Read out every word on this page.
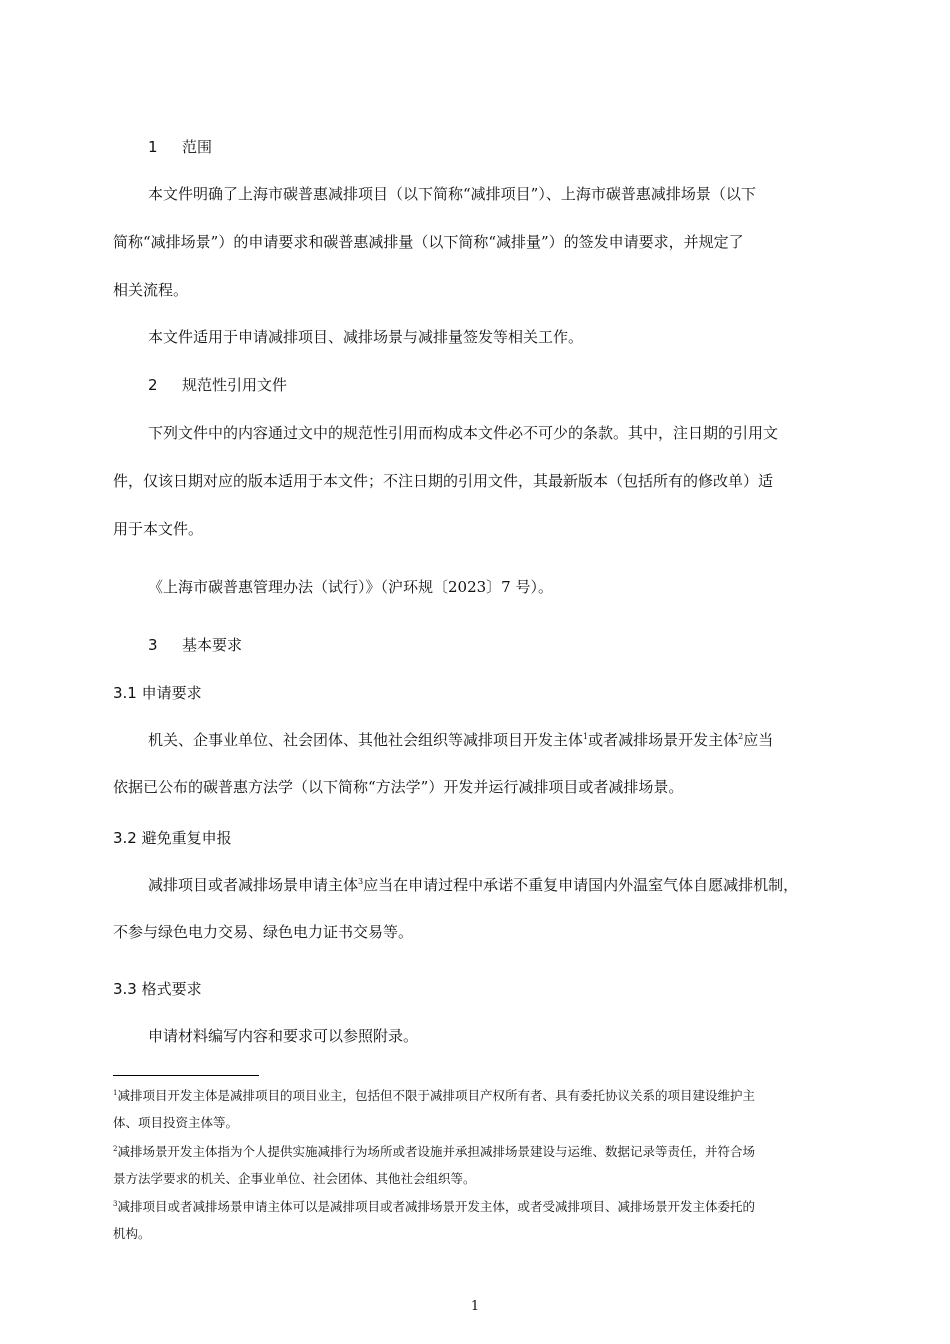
1 范围
本文件明确了上海市碳普惠减排项目（以下简称“减排项目”）、上海市碳普惠减排场景（以下
简称“减排场景”）的申请要求和碳普惠减排量（以下简称“减排量”）的签发申请要求，并规定了
相关流程。
本文件适用于申请减排项目、减排场景与减排量签发等相关工作。
2 规范性引用文件
下列文件中的内容通过文中的规范性引用而构成本文件必不可少的条款。其中，注日期的引用文
件，仅该日期对应的版本适用于本文件；不注日期的引用文件，其最新版本（包括所有的修改单）适
用于本文件。
《上海市碳普惠管理办法（试行）》（沪环规〔2023〕7 号）。
3 基本要求
3.1 申请要求
机关、企事业单位、社会团体、其他社会组织等减排项目开发主体$^1$或者减排场景开发主体$^2$应当
依据已公布的碳普惠方法学（以下简称“方法学”）开发并运行减排项目或者减排场景。
3.2 避免重复申报
减排项目或者减排场景申请主体$^3$应当在申请过程中承诺不重复申请国内外温室气体自愿减排机制，
不参与绿色电力交易、绿色电力证书交易等。
3.3 格式要求
申请材料编写内容和要求可以参照附录。
$^1$减排项目开发主体是减排项目的项目业主，包括但不限于减排项目产权所有者、具有委托协议关系的项目建设维护主
体、项目投资主体等。
$^2$减排场景开发主体指为个人提供实施减排行为场所或者设施并承担减排场景建设与运维、数据记录等责任，并符合场
景方法学要求的机关、企事业单位、社会团体、其他社会组织等。
$^3$减排项目或者减排场景申请主体可以是减排项目或者减排场景开发主体，或者受减排项目、减排场景开发主体委托的
机构。
1
